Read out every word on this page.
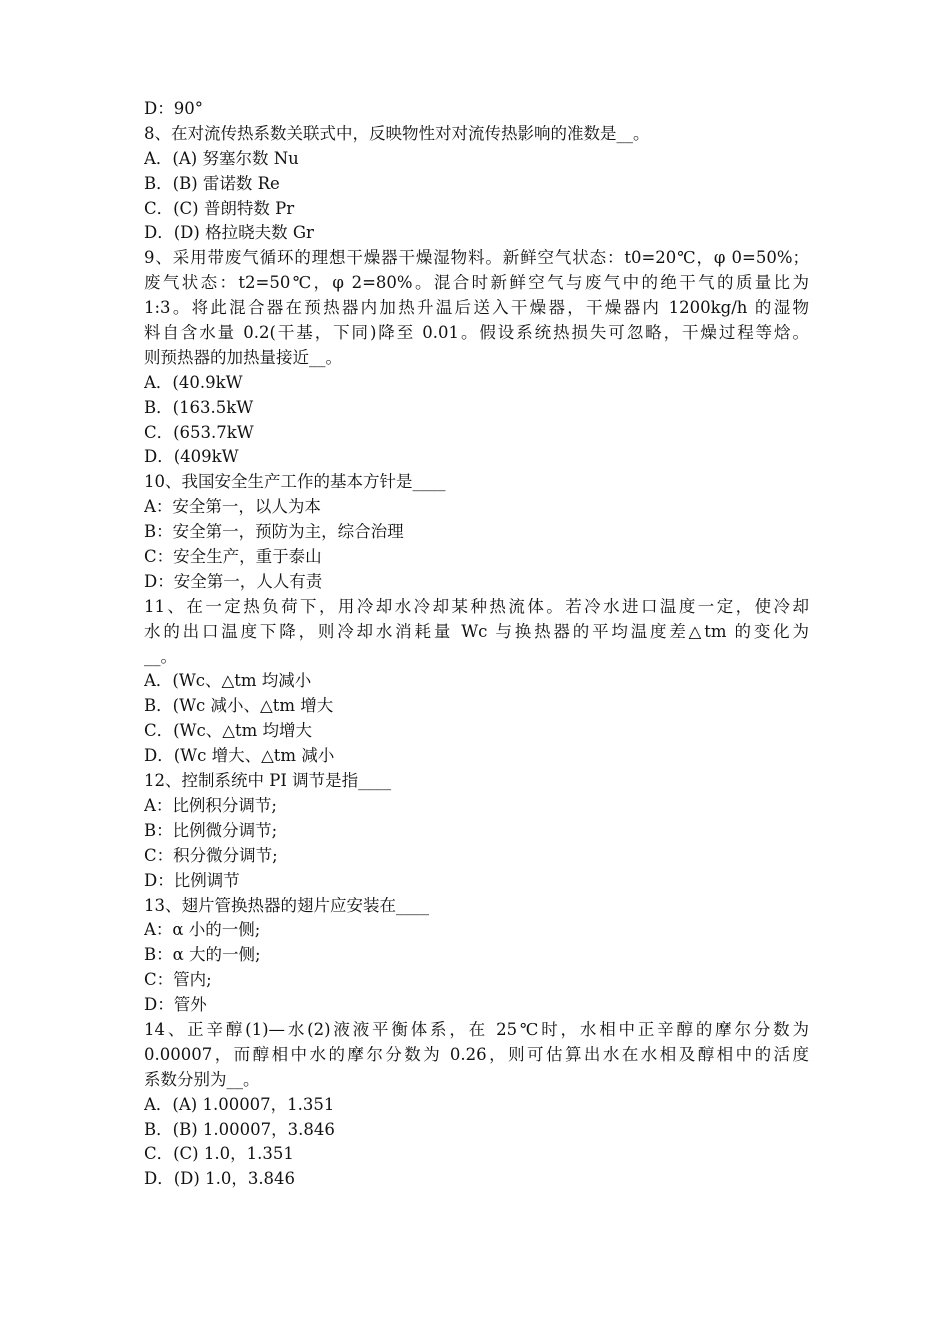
D：90°
8、在对流传热系数关联式中，反映物性对对流传热影响的准数是__。
A．(A) 努塞尔数 Nu
B．(B) 雷诺数 Re
C．(C) 普朗特数 Pr
D．(D) 格拉晓夫数 Gr
9、采用带废气循环的理想干燥器干燥湿物料。新鲜空气状态：t0=20℃，φ 0=50%；
废气状态：t2=50℃，φ 2=80%。混合时新鲜空气与废气中的绝干气的质量比为
1:3。将此混合器在预热器内加热升温后送入干燥器，干燥器内 1200kg/h 的湿物
料自含水量 0.2(干基，下同)降至 0.01。假设系统热损失可忽略，干燥过程等焓。
则预热器的加热量接近__。
A．(40.9kW
B．(163.5kW
C．(653.7kW
D．(409kW
10、我国安全生产工作的基本方针是____
A：安全第一，以人为本
B：安全第一，预防为主，综合治理
C：安全生产，重于泰山
D：安全第一，人人有责
11、在一定热负荷下，用冷却水冷却某种热流体。若冷水进口温度一定，使冷却
水的出口温度下降，则冷却水消耗量 Wc 与换热器的平均温度差△tm 的变化为
__。
A．(Wc、△tm 均减小
B．(Wc 减小、△tm 增大
C．(Wc、△tm 均增大
D．(Wc 增大、△tm 减小
12、控制系统中 PI 调节是指____
A：比例积分调节;
B：比例微分调节;
C：积分微分调节;
D：比例调节
13、翅片管换热器的翅片应安装在____
A：α 小的一侧;
B：α 大的一侧;
C：管内;
D：管外
14、正辛醇(1)—水(2)液液平衡体系，在 25℃时，水相中正辛醇的摩尔分数为
0.00007，而醇相中水的摩尔分数为 0.26，则可估算出水在水相及醇相中的活度
系数分别为__。
A．(A) 1.00007，1.351
B．(B) 1.00007，3.846
C．(C) 1.0，1.351
D．(D) 1.0，3.846
